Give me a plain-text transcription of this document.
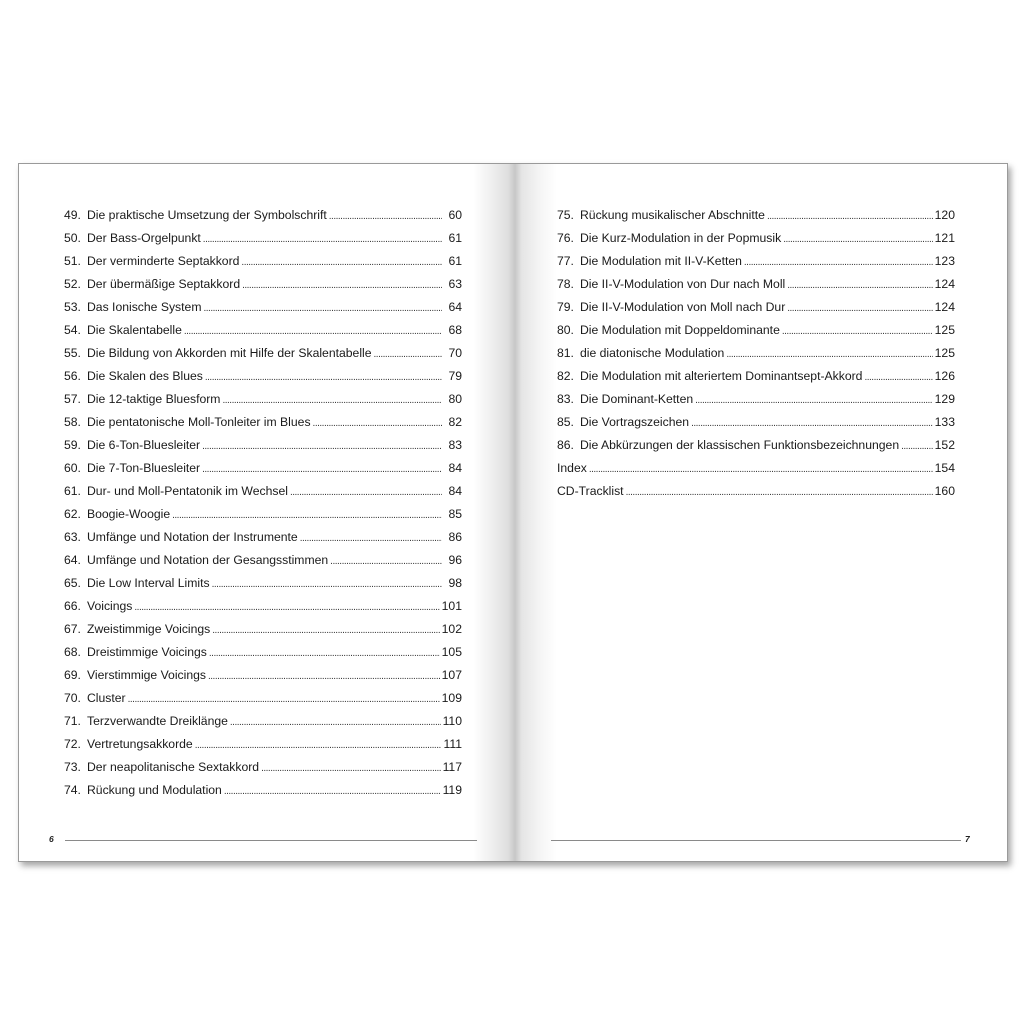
49. Die praktische Umsetzung der Symbolschrift .....	60
50. Der Bass-Orgelpunkt .....	61
51. Der verminderte Septakkord .....	61
52. Der übermäßige Septakkord .....	63
53. Das Ionische System .....	64
54. Die Skalentabelle .....	68
55. Die Bildung von Akkorden mit Hilfe der Skalentabelle .....	70
56. Die Skalen des Blues .....	79
57. Die 12-taktige Bluesform .....	80
58. Die pentatonische Moll-Tonleiter im Blues .....	82
59. Die 6-Ton-Bluesleiter .....	83
60. Die 7-Ton-Bluesleiter .....	84
61. Dur- und Moll-Pentatonik im Wechsel .....	84
62. Boogie-Woogie .....	85
63. Umfänge und Notation der Instrumente .....	86
64. Umfänge und Notation der Gesangsstimmen .....	96
65. Die Low Interval Limits .....	98
66. Voicings .....	101
67. Zweistimmige Voicings .....	102
68. Dreistimmige Voicings .....	105
69. Vierstimmige Voicings .....	107
70. Cluster .....	109
71. Terzverwandte Dreiklänge .....	110
72. Vertretungsakkorde .....	111
73. Der neapolitanische Sextakkord .....	117
74. Rückung und Modulation .....	119
75. Rückung musikalischer Abschnitte .....	120
76. Die Kurz-Modulation in der Popmusik .....	121
77. Die Modulation mit II-V-Ketten .....	123
78. Die II-V-Modulation von Dur nach Moll .....	124
79. Die II-V-Modulation von Moll nach Dur .....	124
80. Die Modulation mit Doppeldominante .....	125
81. die diatonische Modulation .....	125
82. Die Modulation mit alteriertem Dominantsept-Akkord .....	126
83. Die Dominant-Ketten .....	129
85. Die Vortragszeichen .....	133
86. Die Abkürzungen der klassischen Funktionsbezeichnungen .....	152
Index .....	154
CD-Tracklist .....	160
6	7
